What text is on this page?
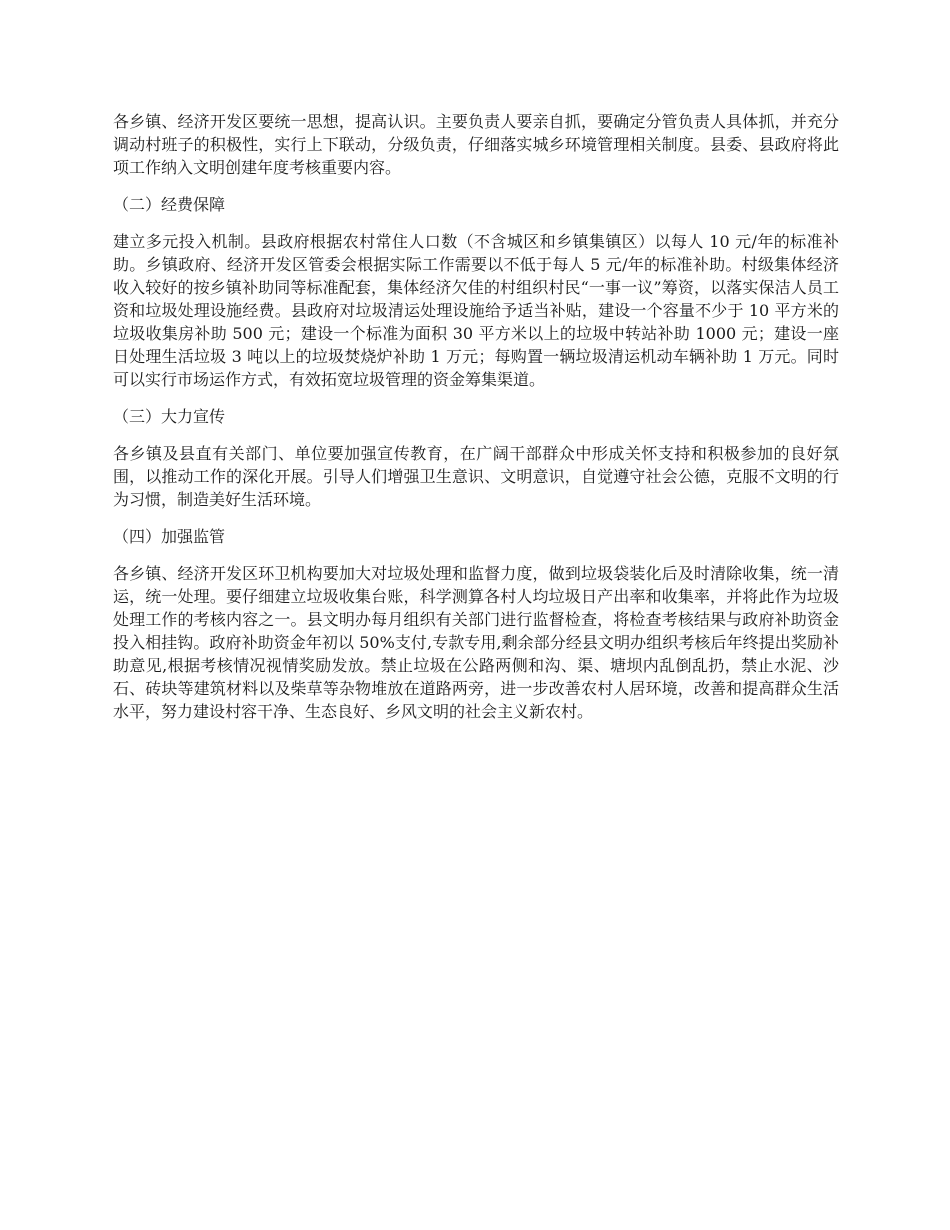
各乡镇、经济开发区要统一思想，提高认识。主要负责人要亲自抓，要确定分管负责人具体抓，并充分调动村班子的积极性，实行上下联动，分级负责，仔细落实城乡环境管理相关制度。县委、县政府将此项工作纳入文明创建年度考核重要内容。

（二）经费保障

建立多元投入机制。县政府根据农村常住人口数（不含城区和乡镇集镇区）以每人 10 元/年的标准补助。乡镇政府、经济开发区管委会根据实际工作需要以不低于每人 5 元/年的标准补助。村级集体经济收入较好的按乡镇补助同等标准配套，集体经济欠佳的村组织村民“一事一议”筹资，以落实保洁人员工资和垃圾处理设施经费。县政府对垃圾清运处理设施给予适当补贴，建设一个容量不少于 10 平方米的垃圾收集房补助 500 元；建设一个标准为面积 30 平方米以上的垃圾中转站补助 1000 元；建设一座日处理生活垃圾 3 吨以上的垃圾焚烧炉补助 1 万元；每购置一辆垃圾清运机动车辆补助 1 万元。同时可以实行市场运作方式，有效拓宽垃圾管理的资金筹集渠道。

（三）大力宣传

各乡镇及县直有关部门、单位要加强宣传教育，在广阔干部群众中形成关怀支持和积极参加的良好氛围，以推动工作的深化开展。引导人们增强卫生意识、文明意识，自觉遵守社会公德，克服不文明的行为习惯，制造美好生活环境。

（四）加强监管

各乡镇、经济开发区环卫机构要加大对垃圾处理和监督力度，做到垃圾袋装化后及时清除收集，统一清运，统一处理。要仔细建立垃圾收集台账，科学测算各村人均垃圾日产出率和收集率，并将此作为垃圾处理工作的考核内容之一。县文明办每月组织有关部门进行监督检查，将检查考核结果与政府补助资金投入相挂钩。政府补助资金年初以 50%支付,专款专用,剩余部分经县文明办组织考核后年终提出奖励补助意见,根据考核情况视情奖励发放。禁止垃圾在公路两侧和沟、渠、塘坝内乱倒乱扔，禁止水泥、沙石、砖块等建筑材料以及柴草等杂物堆放在道路两旁，进一步改善农村人居环境，改善和提高群众生活水平，努力建设村容干净、生态良好、乡风文明的社会主义新农村。
